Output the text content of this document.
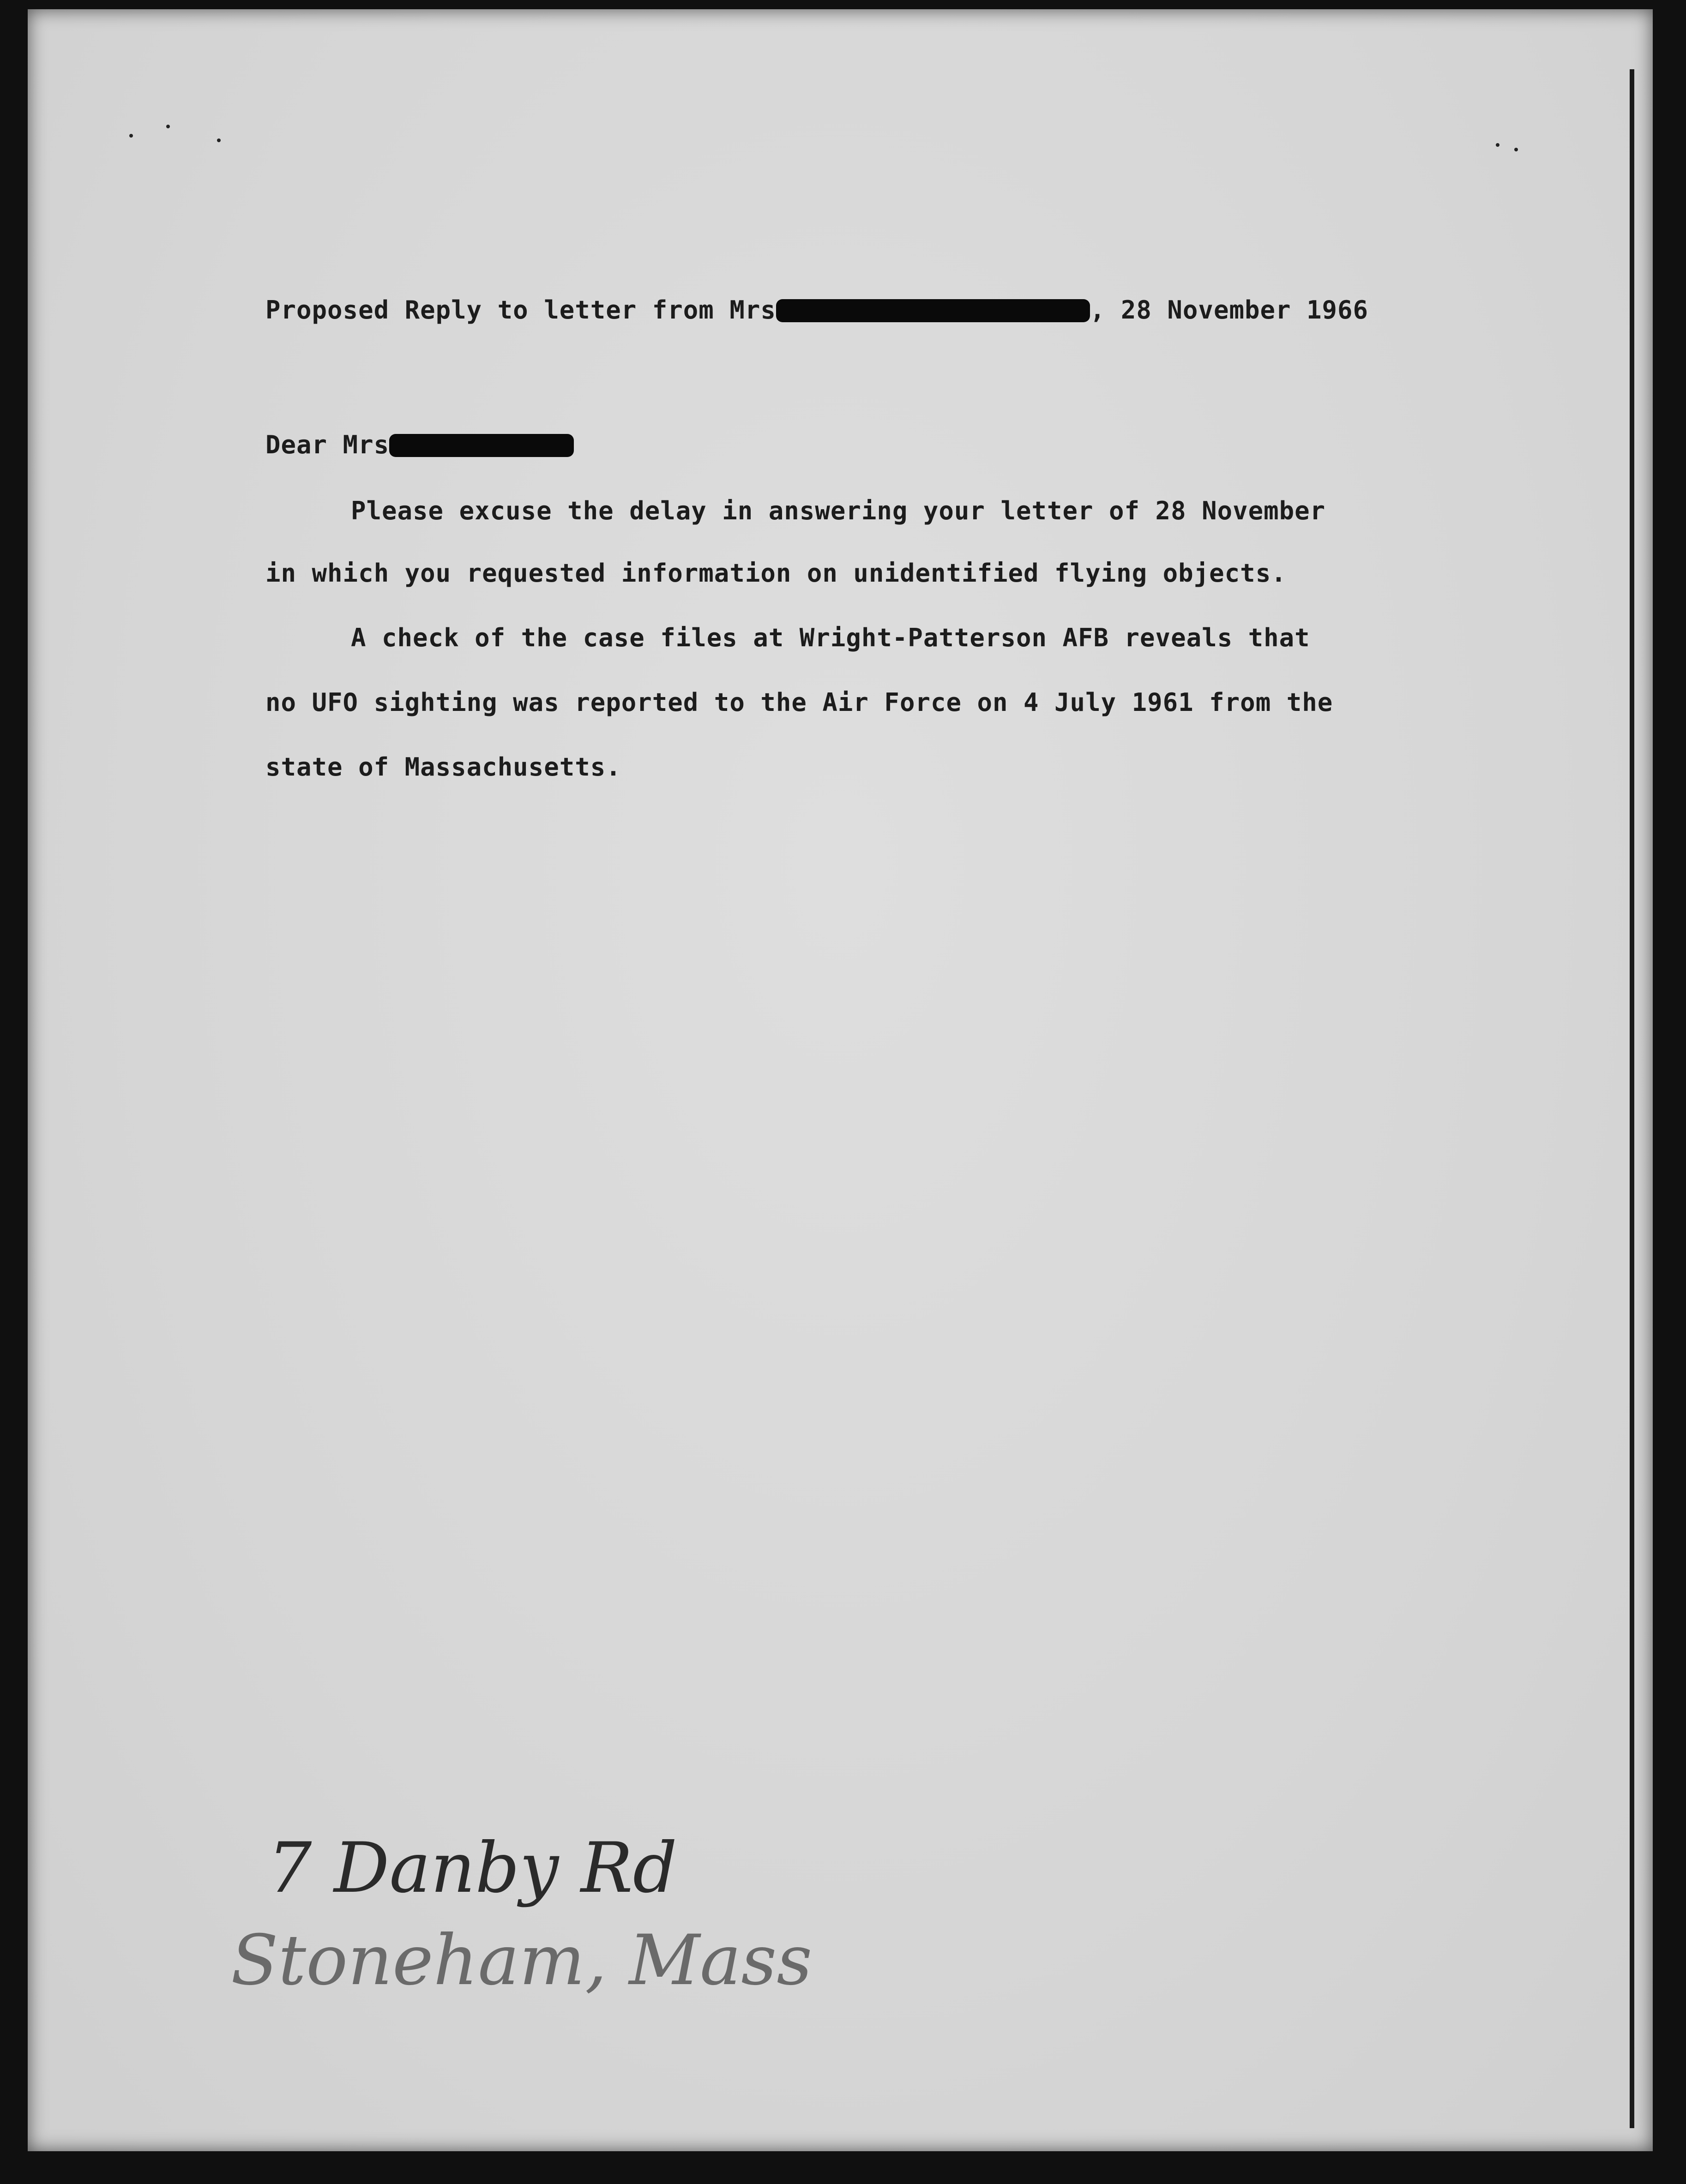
Proposed Reply to letter from Mrs	, 28 November 1966
Dear Mrs
Please excuse the delay in answering your letter of 28 November
in which you requested information on unidentified flying objects.
A check of the case files at Wright-Patterson AFB reveals that
no UFO sighting was reported to the Air Force on 4 July 1961 from the
state of Massachusetts.
7 Danby Rd
Stoneham, Mass
